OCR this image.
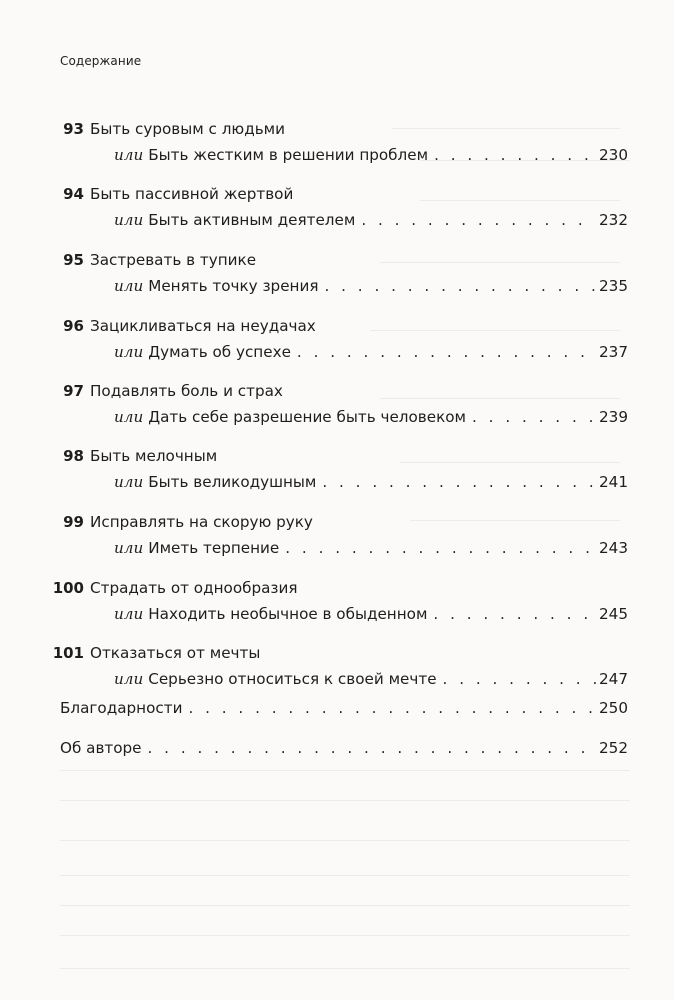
Содержание
93 Быть суровым с людьми
или Быть жестким в решении проблем . . .	230
94 Быть пассивной жертвой
или Быть активным деятелем . . .	232
95 Застревать в тупике
или Менять точку зрения . . .	235
96 Зацикливаться на неудачах
или Думать об успехе . . .	237
97 Подавлять боль и страх
или Дать себе разрешение быть человеком . . .	239
98 Быть мелочным
или Быть великодушным . . .	241
99 Исправлять на скорую руку
или Иметь терпение . . .	243
100 Страдать от однообразия
или Находить необычное в обыденном . . .	245
101 Отказаться от мечты
или Серьезно относиться к своей мечте . . .	247
Благодарности . . .	250
Об авторе . . .	252
